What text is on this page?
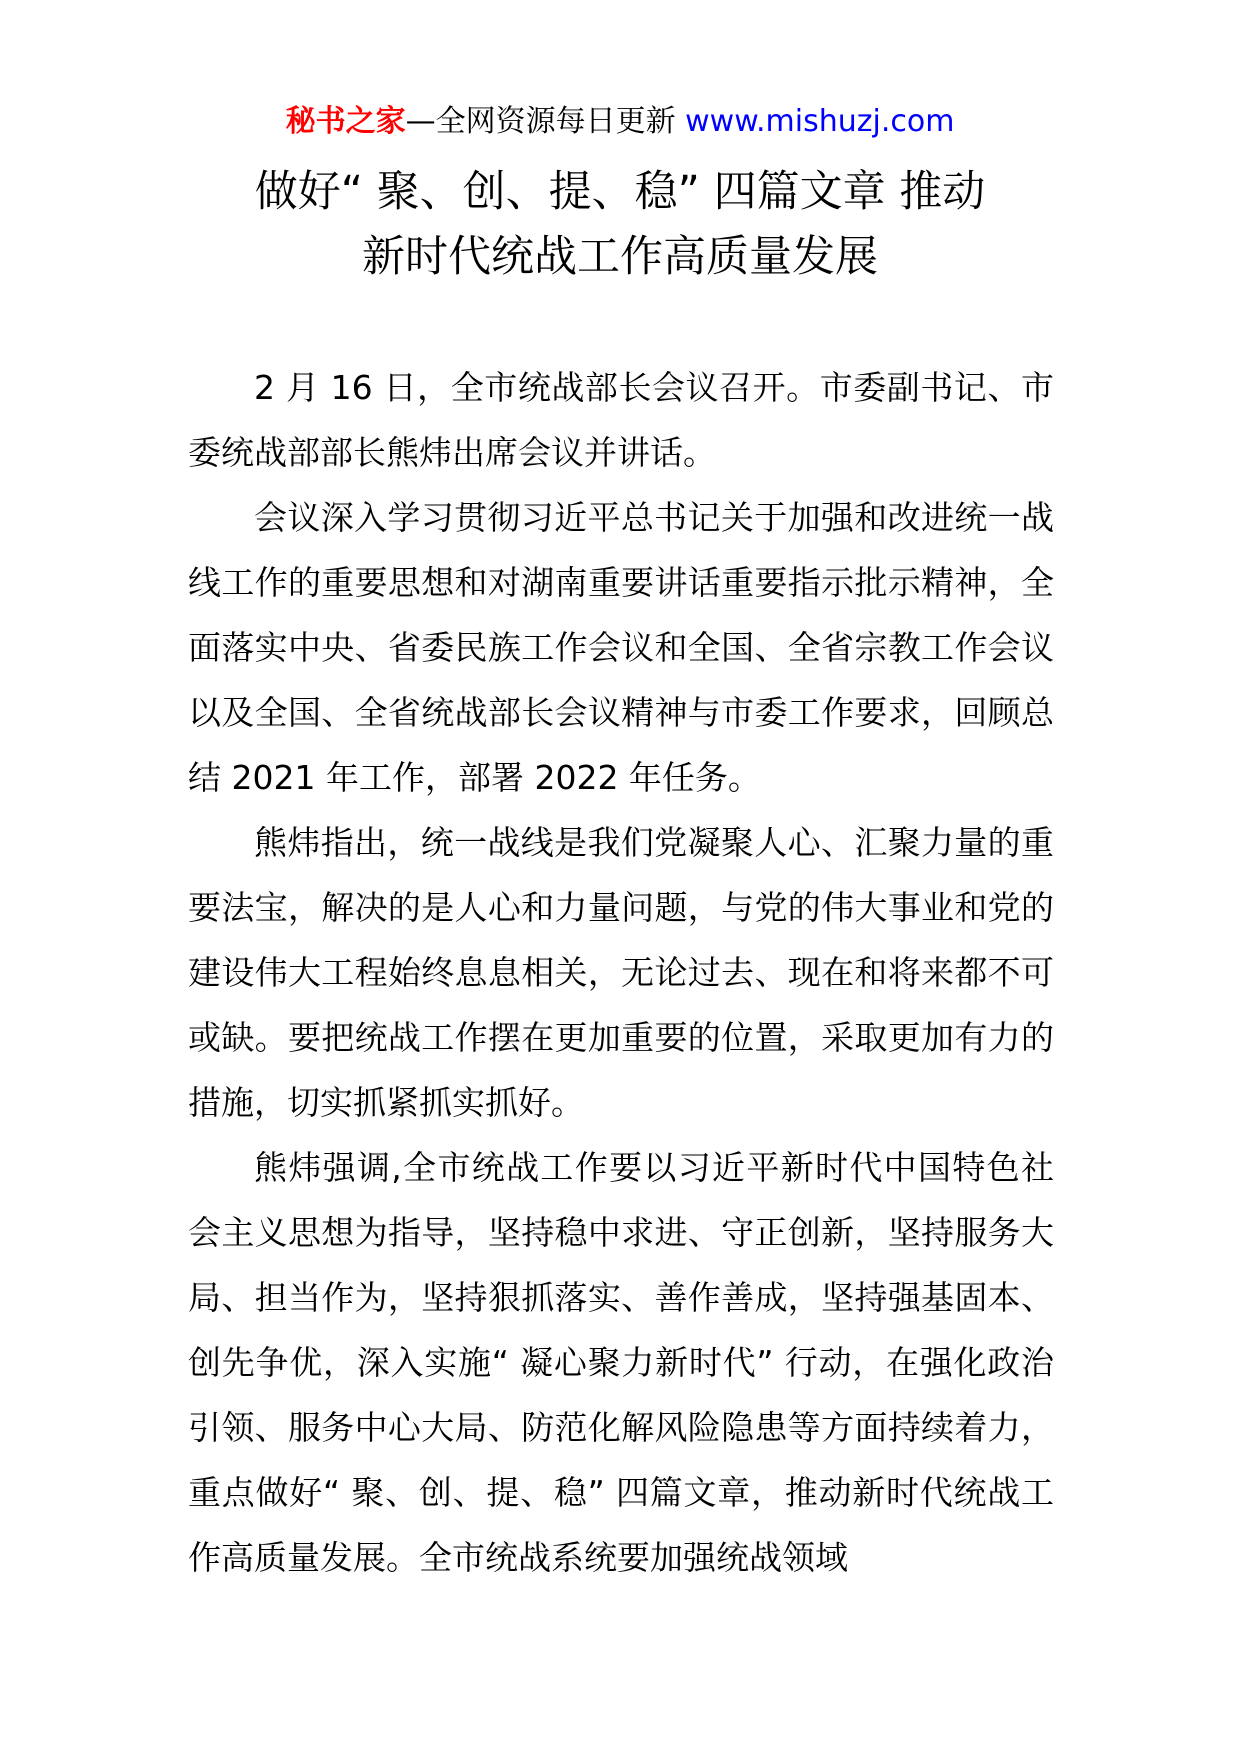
秘书之家—全网资源每日更新 www.mishuzj.com
做好“ 聚、创、提、稳” 四篇文章 推动
新时代统战工作高质量发展

2 月 16 日，全市统战部长会议召开。市委副书记、市委统战部部长熊炜出席会议并讲话。

会议深入学习贯彻习近平总书记关于加强和改进统一战线工作的重要思想和对湖南重要讲话重要指示批示精神，全面落实中央、省委民族工作会议和全国、全省宗教工作会议以及全国、全省统战部长会议精神与市委工作要求，回顾总结 2021 年工作，部署 2022 年任务。

熊炜指出，统一战线是我们党凝聚人心、汇聚力量的重要法宝，解决的是人心和力量问题，与党的伟大事业和党的建设伟大工程始终息息相关，无论过去、现在和将来都不可或缺。要把统战工作摆在更加重要的位置，采取更加有力的措施，切实抓紧抓实抓好。

熊炜强调,全市统战工作要以习近平新时代中国特色社会主义思想为指导，坚持稳中求进、守正创新，坚持服务大局、担当作为，坚持狠抓落实、善作善成，坚持强基固本、创先争优，深入实施“ 凝心聚力新时代” 行动，在强化政治引领、服务中心大局、防范化解风险隐患等方面持续着力，重点做好“ 聚、创、提、稳” 四篇文章，推动新时代统战工作高质量发展。全市统战系统要加强统战领域
